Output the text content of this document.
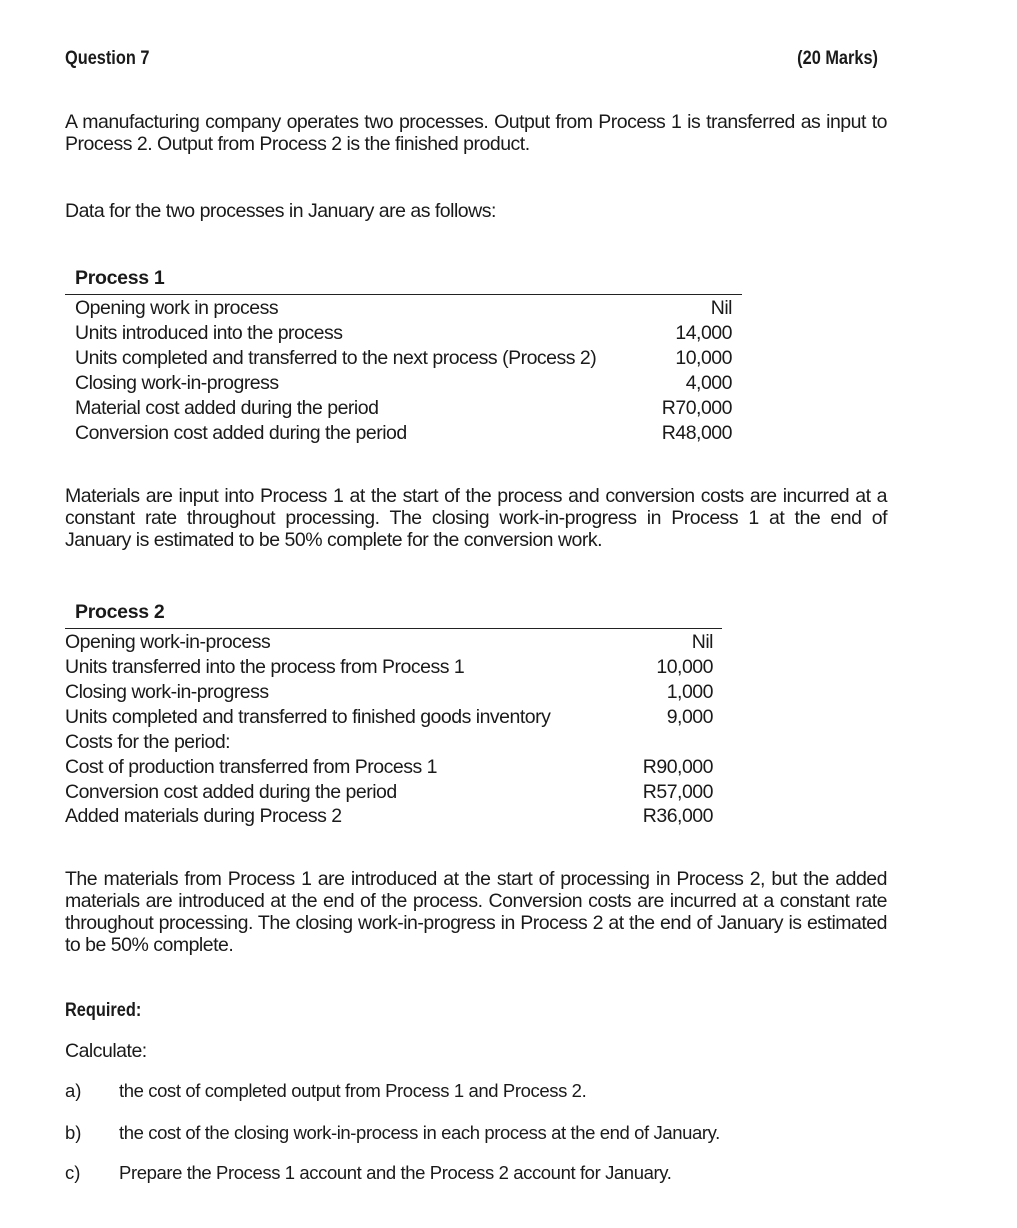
Question 7	(20 Marks)
A manufacturing company operates two processes. Output from Process 1 is transferred as input to Process 2. Output from Process 2 is the finished product.
Data for the two processes in January are as follows:
Process 1
Opening work in process	Nil
Units introduced into the process	14,000
Units completed and transferred to the next process (Process 2)	10,000
Closing work-in-progress	4,000
Material cost added during the period	R70,000
Conversion cost added during the period	R48,000
Materials are input into Process 1 at the start of the process and conversion costs are incurred at a constant rate throughout processing. The closing work-in-progress in Process 1 at the end of January is estimated to be 50% complete for the conversion work.
Process 2
Opening work-in-process	Nil
Units transferred into the process from Process 1	10,000
Closing work-in-progress	1,000
Units completed and transferred to finished goods inventory	9,000
Costs for the period:
Cost of production transferred from Process 1	R90,000
Conversion cost added during the period	R57,000
Added materials during Process 2	R36,000
The materials from Process 1 are introduced at the start of processing in Process 2, but the added materials are introduced at the end of the process. Conversion costs are incurred at a constant rate throughout processing. The closing work-in-progress in Process 2 at the end of January is estimated to be 50% complete.
Required:
Calculate:
a) the cost of completed output from Process 1 and Process 2.
b) the cost of the closing work-in-process in each process at the end of January.
c) Prepare the Process 1 account and the Process 2 account for January.
